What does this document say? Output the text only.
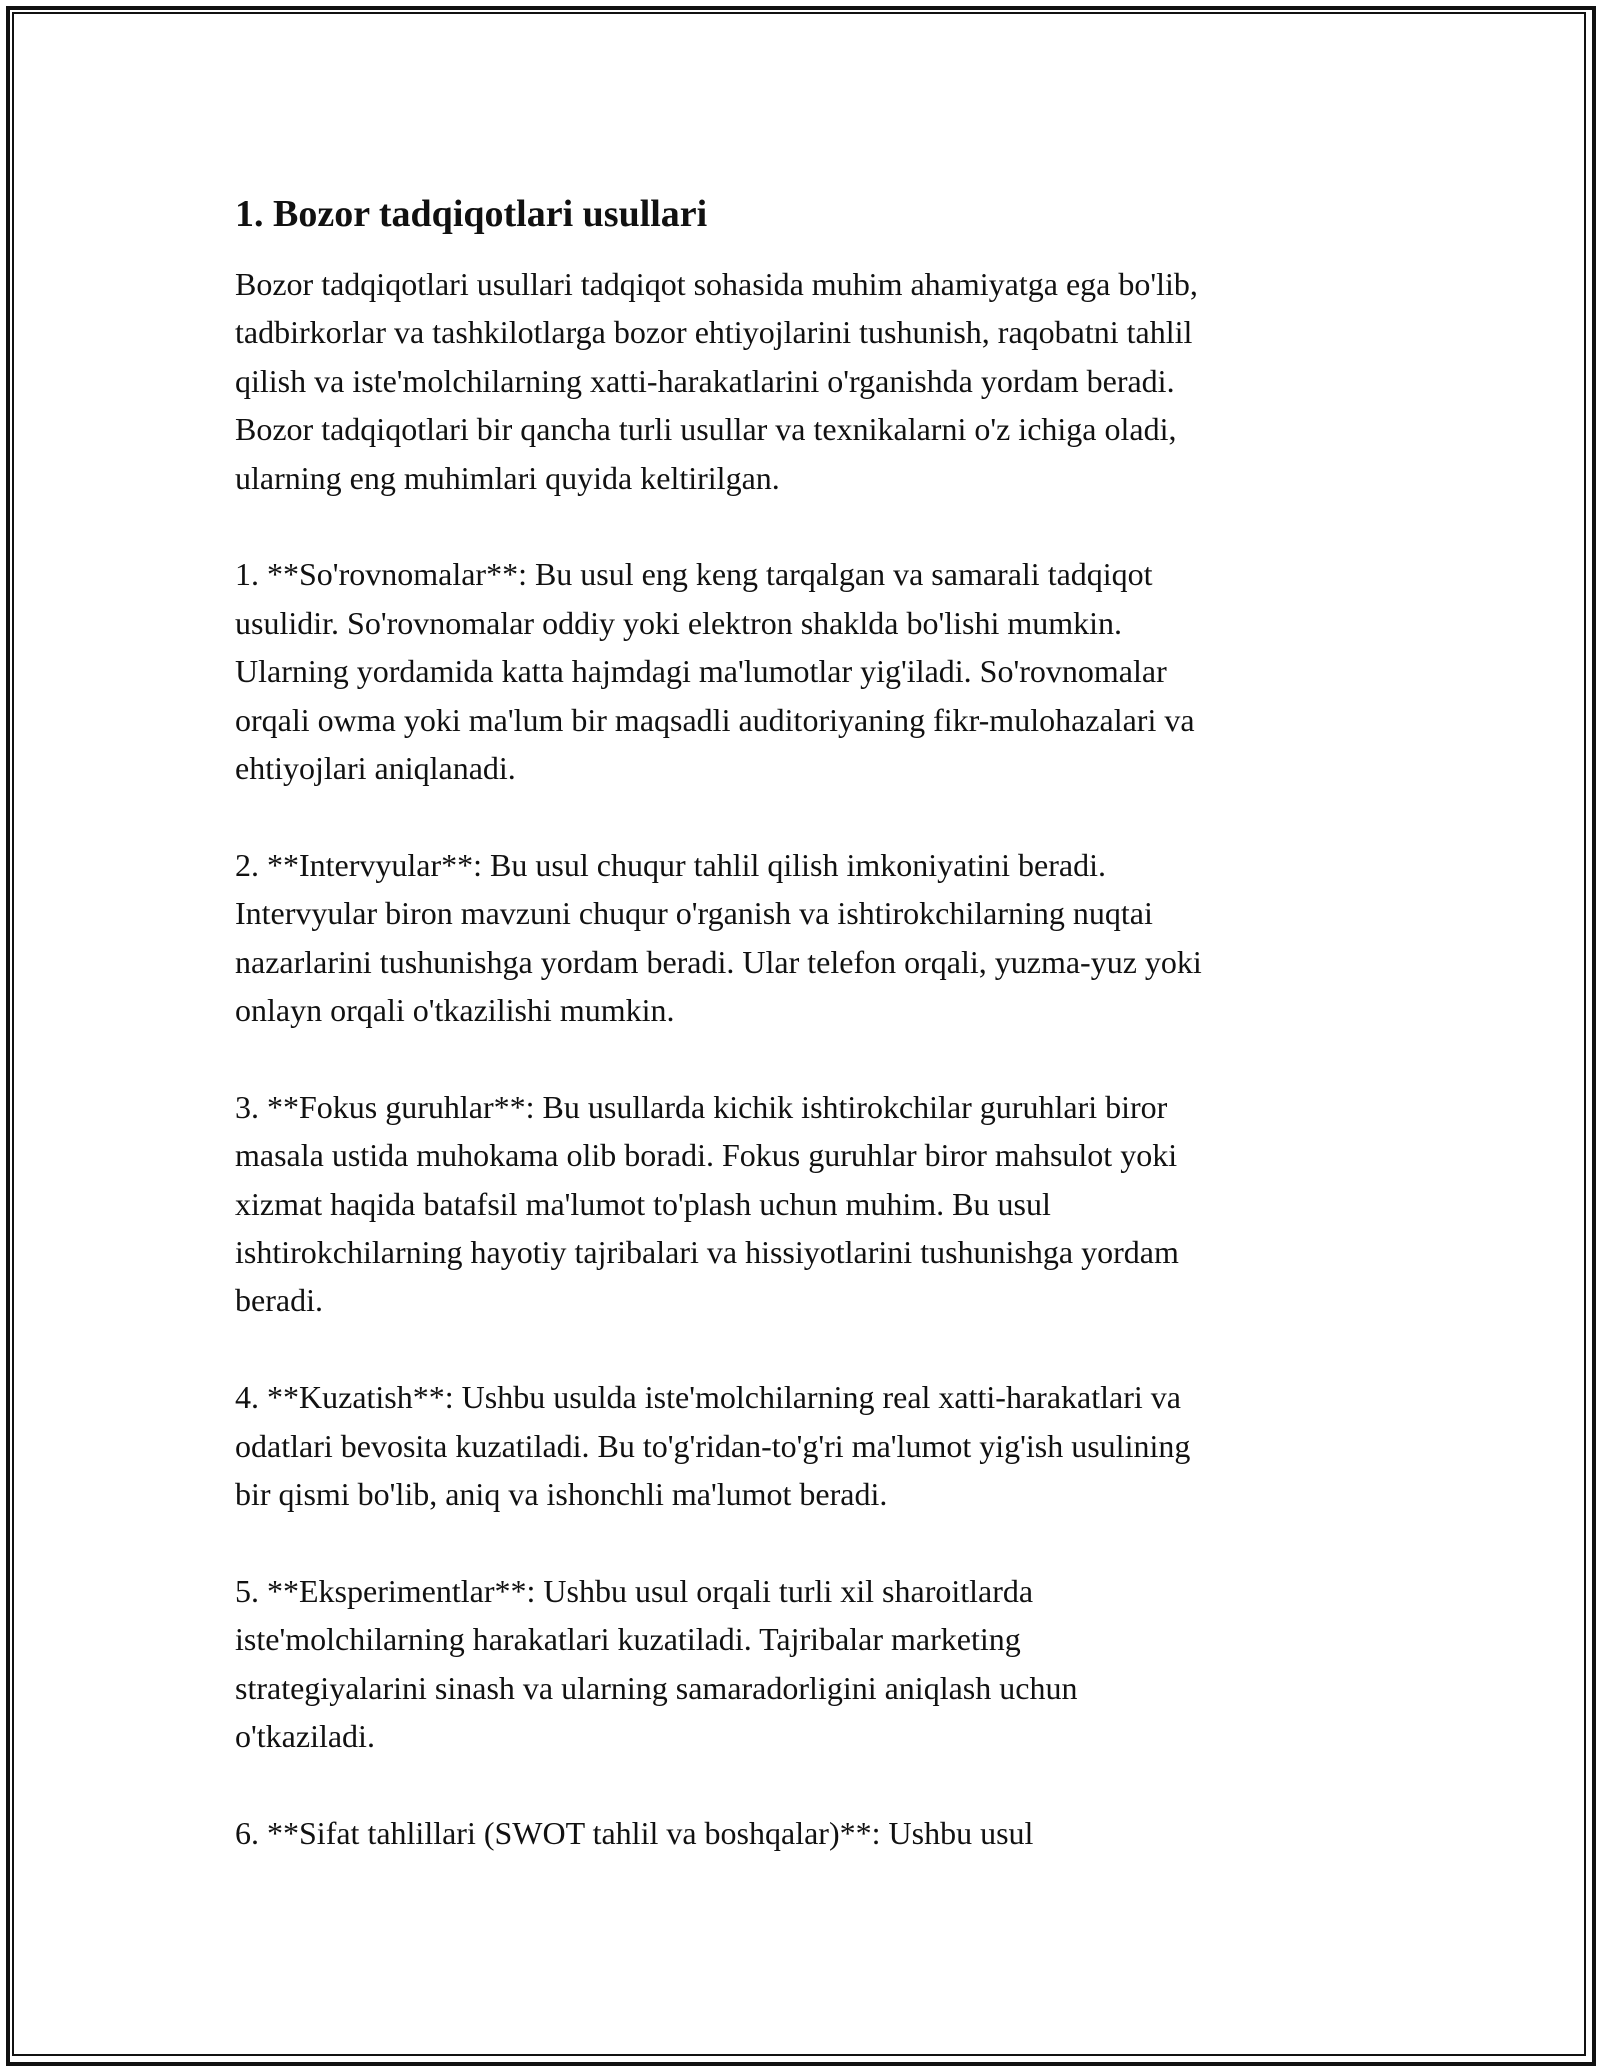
1. Bozor tadqiqotlari usullari

Bozor tadqiqotlari usullari tadqiqot sohasida muhim ahamiyatga ega bo'lib,
tadbirkorlar va tashkilotlarga bozor ehtiyojlarini tushunish, raqobatni tahlil
qilish va iste'molchilarning xatti-harakatlarini o'rganishda yordam beradi.
Bozor tadqiqotlari bir qancha turli usullar va texnikalarni o'z ichiga oladi,
ularning eng muhimlari quyida keltirilgan.

1. **So'rovnomalar**: Bu usul eng keng tarqalgan va samarali tadqiqot
usulidir. So'rovnomalar oddiy yoki elektron shakldа bo'lishi mumkin.
Ularning yordamida katta hajmdagi ma'lumotlar yig'iladi. So'rovnomalar
orqali owma yoki ma'lum bir maqsadli auditoriyaning fikr-mulohazalari va
ehtiyojlari aniqlanadi.

2. **Intervyular**: Bu usul chuqur tahlil qilish imkoniyatini beradi.
Intervyular biron mavzuni chuqur o'rganish va ishtirokchilarning nuqtai
nazarlarini tushunishga yordam beradi. Ular telefon orqali, yuzma-yuz yoki
onlayn orqali o'tkazilishi mumkin.

3. **Fokus guruhlar**: Bu usullarda kichik ishtirokchilar guruhlari biror
masala ustida muhokama olib boradi. Fokus guruhlar biror mahsulot yoki
xizmat haqida batafsil ma'lumot to'plash uchun muhim. Bu usul
ishtirokchilarning hayotiy tajribalari va hissiyotlarini tushunishga yordam
beradi.

4. **Kuzatish**: Ushbu usulda iste'molchilarning real xatti-harakatlari va
odatlari bevosita kuzatiladi. Bu to'g'ridan-to'g'ri ma'lumot yig'ish usulining
bir qismi bo'lib, aniq va ishonchli ma'lumot beradi.

5. **Eksperimentlar**: Ushbu usul orqali turli xil sharoitlarda
iste'molchilarning harakatlari kuzatiladi. Tajribalar marketing
strategiyalarini sinash va ularning samaradorligini aniqlash uchun
o'tkaziladi.

6. **Sifat tahlillari (SWOT tahlil va boshqalar)**: Ushbu usul
